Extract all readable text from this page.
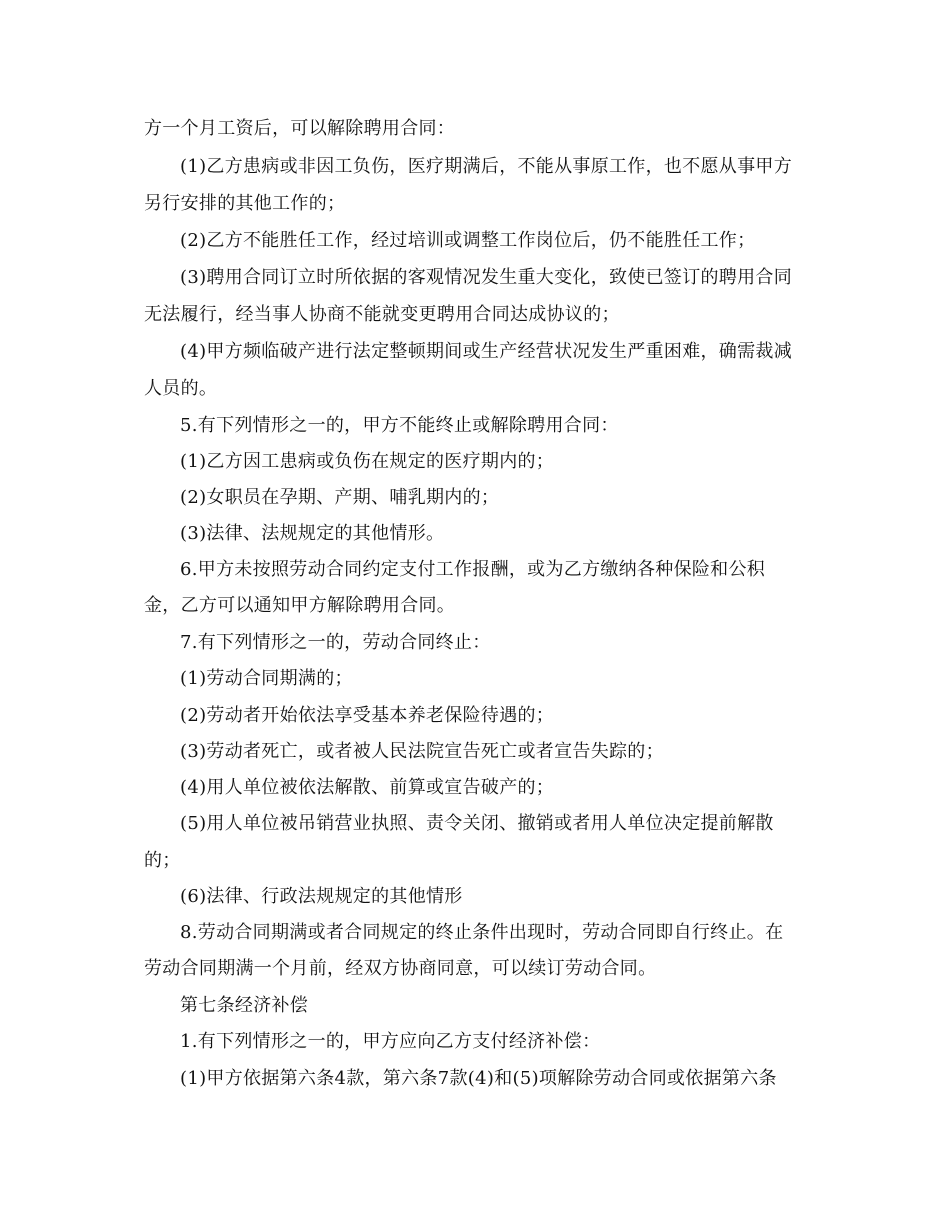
方一个月工资后，可以解除聘用合同：
(1)乙方患病或非因工负伤，医疗期满后，不能从事原工作，也不愿从事甲方
另行安排的其他工作的；
(2)乙方不能胜任工作，经过培训或调整工作岗位后，仍不能胜任工作；
(3)聘用合同订立时所依据的客观情况发生重大变化，致使已签订的聘用合同
无法履行，经当事人协商不能就变更聘用合同达成协议的；
(4)甲方频临破产进行法定整顿期间或生产经营状况发生严重困难，确需裁减
人员的。
5.有下列情形之一的，甲方不能终止或解除聘用合同：
(1)乙方因工患病或负伤在规定的医疗期内的；
(2)女职员在孕期、产期、哺乳期内的；
(3)法律、法规规定的其他情形。
6.甲方未按照劳动合同约定支付工作报酬，或为乙方缴纳各种保险和公积
金，乙方可以通知甲方解除聘用合同。
7.有下列情形之一的，劳动合同终止：
(1)劳动合同期满的；
(2)劳动者开始依法享受基本养老保险待遇的；
(3)劳动者死亡，或者被人民法院宣告死亡或者宣告失踪的；
(4)用人单位被依法解散、前算或宣告破产的；
(5)用人单位被吊销营业执照、责令关闭、撤销或者用人单位决定提前解散
的；
(6)法律、行政法规规定的其他情形
8.劳动合同期满或者合同规定的终止条件出现时，劳动合同即自行终止。在
劳动合同期满一个月前，经双方协商同意，可以续订劳动合同。
第七条经济补偿
1.有下列情形之一的，甲方应向乙方支付经济补偿：
(1)甲方依据第六条4款，第六条7款(4)和(5)项解除劳动合同或依据第六条
